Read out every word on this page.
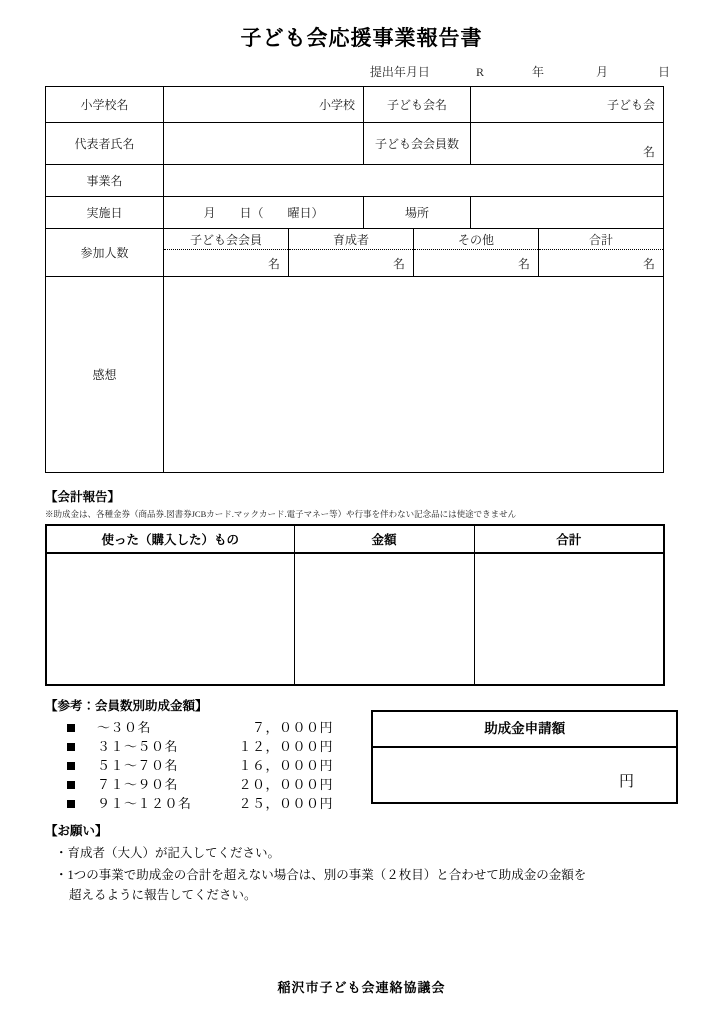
子ども会応援事業報告書
提出年月日	R	年	月	日
小学校名	小学校	子ども会名	子ども会
代表者氏名		子ども会会員数	名
事業名			
実施日	月　　日（　　曜日）	場所	
参加人数	子ども会会員	育成者	その他	合計
	名	名	名	名
感想				
【会計報告】
※助成金は、各種金券（商品券.図書券JCBカード.マックカード.電子マネー等）や行事を伴わない記念品には使途できません
使った（購入した）もの	金額	合計

【参考：会員数別助成金額】
～３０名	７，０００円
３１～５０名	１２，０００円
５１～７０名	１６，０００円
７１～９０名	２０，０００円
９１～１２０名	２５，０００円
助成金申請額
円
【お願い】
・育成者（大人）が記入してください。
・1つの事業で助成金の合計を超えない場合は、別の事業（２枚目）と合わせて助成金の金額を
超えるように報告してください。
稲沢市子ども会連絡協議会
